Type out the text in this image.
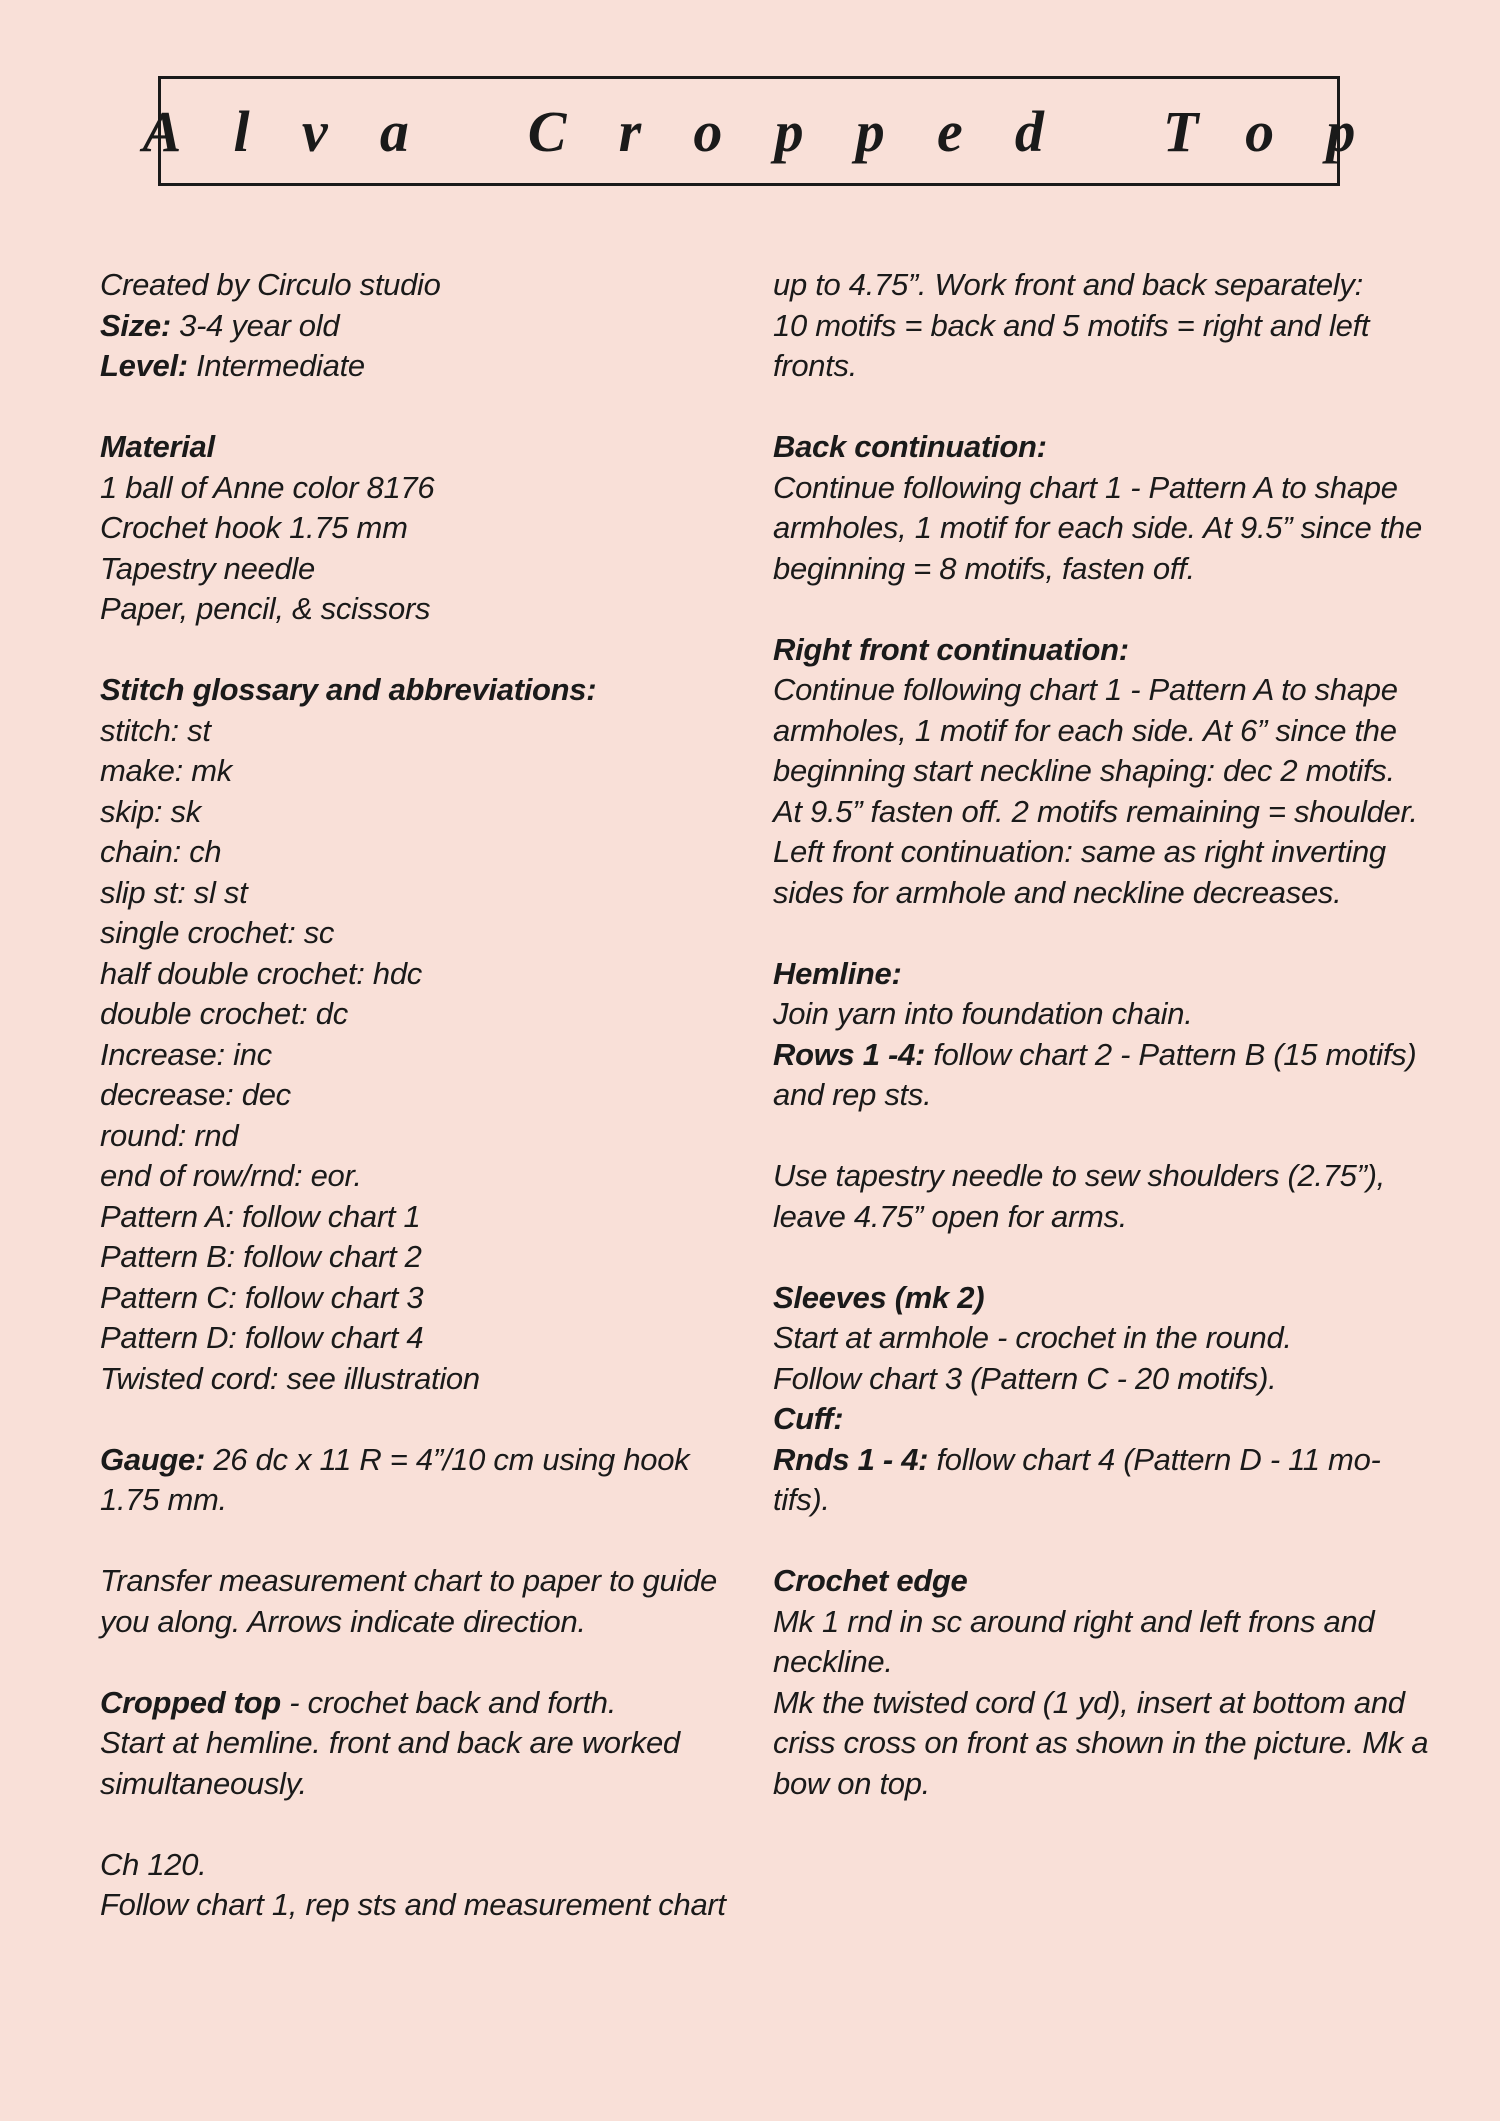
Alva Cropped Top
Created by Circulo studio
Size: 3-4 year old
Level: Intermediate
Material
1 ball of Anne color 8176
Crochet hook 1.75 mm
Tapestry needle
Paper, pencil, & scissors
Stitch glossary and abbreviations:
stitch: st
make: mk
skip: sk
chain: ch
slip st: sl st
single crochet: sc
half double crochet: hdc
double crochet: dc
Increase: inc
decrease: dec
round: rnd
end of row/rnd: eor.
Pattern A: follow chart 1
Pattern B: follow chart 2
Pattern C: follow chart 3
Pattern D: follow chart 4
Twisted cord: see illustration
Gauge: 26 dc x 11 R = 4”/10 cm using hook
1.75 mm.
Transfer measurement chart to paper to guide
you along. Arrows indicate direction.
Cropped top - crochet back and forth.
Start at hemline. front and back are worked
simultaneously.
Ch 120.
Follow chart 1, rep sts and measurement chart
up to 4.75”. Work front and back separately:
10 motifs = back and 5 motifs = right and left
fronts.
Back continuation:
Continue following chart 1 - Pattern A to shape
armholes, 1 motif for each side. At 9.5” since the
beginning = 8 motifs, fasten off.
Right front continuation:
Continue following chart 1 - Pattern A to shape
armholes, 1 motif for each side. At 6” since the
beginning start neckline shaping: dec 2 motifs.
At 9.5” fasten off. 2 motifs remaining = shoulder.
Left front continuation: same as right inverting
sides for armhole and neckline decreases.
Hemline:
Join yarn into foundation chain.
Rows 1 -4: follow chart 2 - Pattern B (15 motifs)
and rep sts.
Use tapestry needle to sew shoulders (2.75”),
leave 4.75” open for arms.
Sleeves (mk 2)
Start at armhole - crochet in the round.
Follow chart 3 (Pattern C - 20 motifs).
Cuff:
Rnds 1 - 4: follow chart 4 (Pattern D - 11 mo-
tifs).
Crochet edge
Mk 1 rnd in sc around right and left frons and
neckline.
Mk the twisted cord (1 yd), insert at bottom and
criss cross on front as shown in the picture. Mk a
bow on top.
